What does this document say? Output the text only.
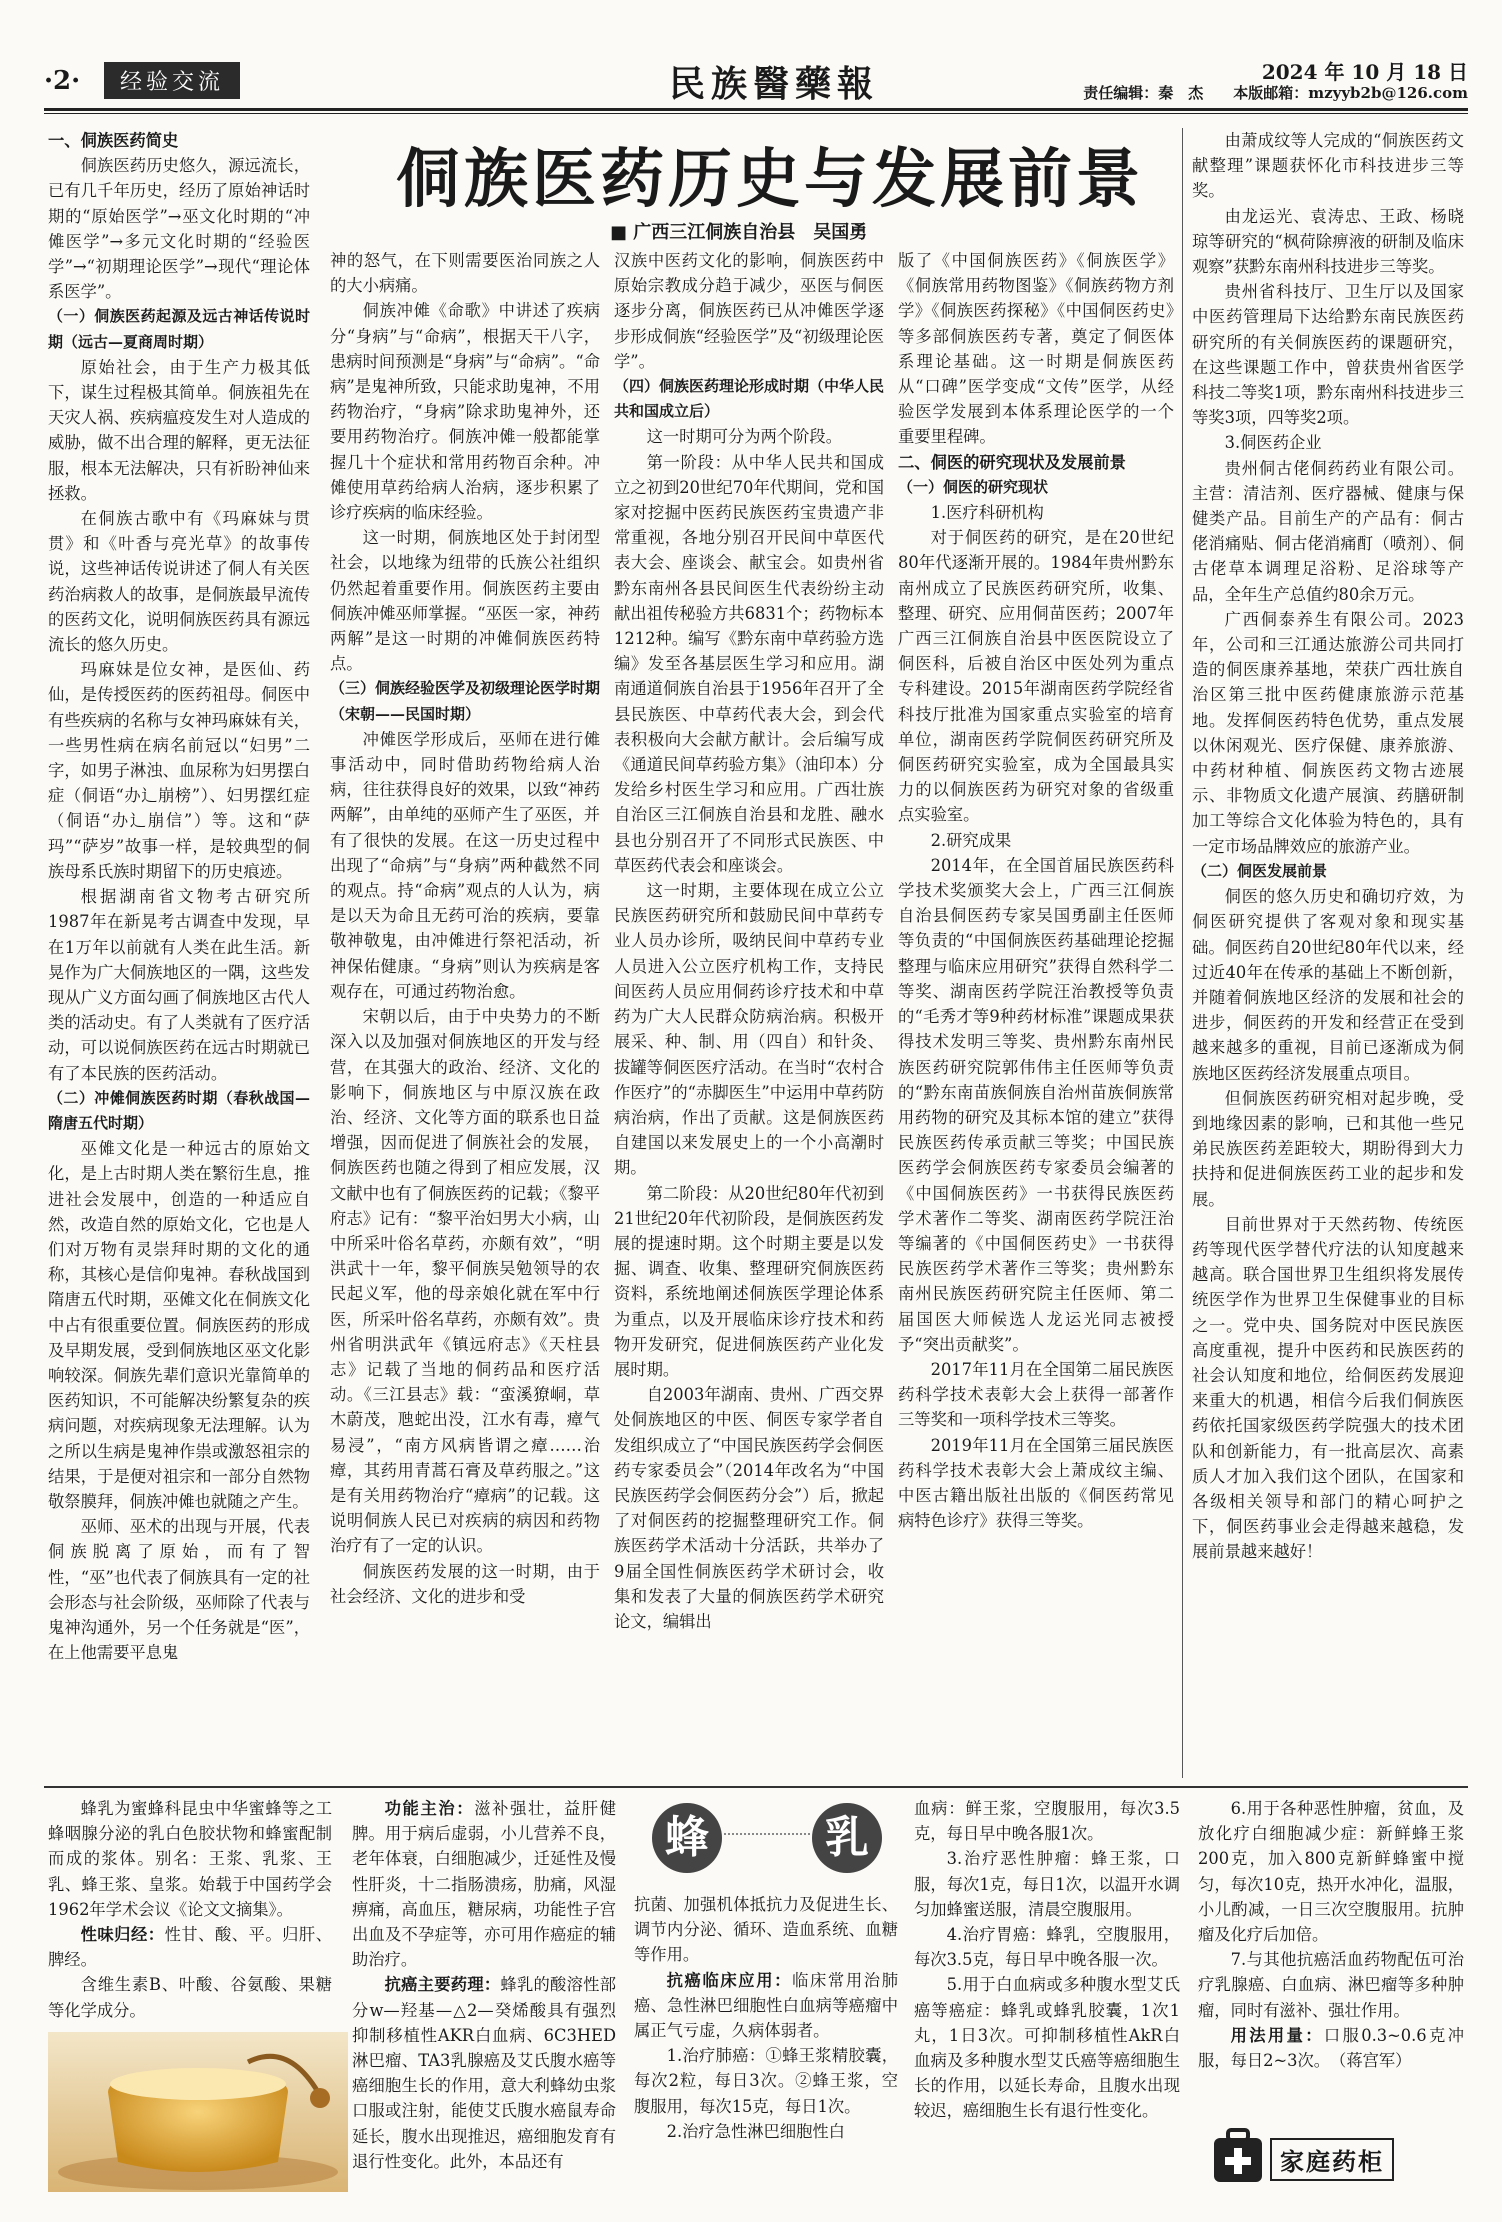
·2·	经验交流	民族醫藥報	2024 年 10 月 18 日
责任编辑：秦　杰　　本版邮箱：mzyyb2b@126.com
侗族医药历史与发展前景
■ 广西三江侗族自治县　吴国勇

一、侗族医药简史

侗族医药历史悠久，源远流长，已有几千年历史，经历了原始神话时期的“原始医学”→巫文化时期的“冲傩医学”→多元文化时期的“经验医学”→“初期理论医学”→现代“理论体系医学”。

（一）侗族医药起源及远古神话传说时期（远古—夏商周时期）

原始社会，由于生产力极其低下，谋生过程极其简单。侗族祖先在天灾人祸、疾病瘟疫发生对人造成的威胁，做不出合理的解释，更无法征服，根本无法解决，只有祈盼神仙来拯救。

在侗族古歌中有《玛麻妹与贯贯》和《叶香与亮光草》的故事传说，这些神话传说讲述了侗人有关医药治病救人的故事，是侗族最早流传的医药文化，说明侗族医药具有源远流长的悠久历史。

玛麻妹是位女神，是医仙、药仙，是传授医药的医药祖母。侗医中有些疾病的名称与女神玛麻妹有关，一些男性病在病名前冠以“妇男”二字，如男子淋浊、血尿称为妇男摆白症（侗语“办辶崩榜”）、妇男摆红症（侗语“办辶崩信”）等。这和“萨玛”“萨岁”故事一样，是较典型的侗族母系氏族时期留下的历史痕迹。

根据湖南省文物考古研究所1987年在新晃考古调查中发现，早在1万年以前就有人类在此生活。新晃作为广大侗族地区的一隅，这些发现从广义方面勾画了侗族地区古代人类的活动史。有了人类就有了医疗活动，可以说侗族医药在远古时期就已有了本民族的医药活动。

（二）冲傩侗族医药时期（春秋战国—隋唐五代时期）

巫傩文化是一种远古的原始文化，是上古时期人类在繁衍生息，推进社会发展中，创造的一种适应自然，改造自然的原始文化，它也是人们对万物有灵崇拜时期的文化的通称，其核心是信仰鬼神。春秋战国到隋唐五代时期，巫傩文化在侗族文化中占有很重要位置。侗族医药的形成及早期发展，受到侗族地区巫文化影响较深。侗族先辈们意识光靠简单的医药知识，不可能解决纷繁复杂的疾病问题，对疾病现象无法理解。认为之所以生病是鬼神作祟或激怒祖宗的结果，于是便对祖宗和一部分自然物敬祭膜拜，侗族冲傩也就随之产生。

巫师、巫术的出现与开展，代表侗族脱离了原始，而有了智性，“巫”也代表了侗族具有一定的社会形态与社会阶级，巫师除了代表与鬼神沟通外，另一个任务就是“医”，在上他需要平息鬼

神的怒气，在下则需要医治同族之人的大小病痛。

侗族冲傩《命歌》中讲述了疾病分“身病”与“命病”，根据天干八字，患病时间预测是“身病”与“命病”。“命病”是鬼神所致，只能求助鬼神，不用药物治疗，“身病”除求助鬼神外，还要用药物治疗。侗族冲傩一般都能掌握几十个症状和常用药物百余种。冲傩使用草药给病人治病，逐步积累了诊疗疾病的临床经验。

这一时期，侗族地区处于封闭型社会，以地缘为纽带的氏族公社组织仍然起着重要作用。侗族医药主要由侗族冲傩巫师掌握。“巫医一家，神药两解”是这一时期的冲傩侗族医药特点。

（三）侗族经验医学及初级理论医学时期（宋朝——民国时期）

冲傩医学形成后，巫师在进行傩事活动中，同时借助药物给病人治病，往往获得良好的效果，以致“神药两解”，由单纯的巫师产生了巫医，并有了很快的发展。在这一历史过程中出现了“命病”与“身病”两种截然不同的观点。持“命病”观点的人认为，病是以天为命且无药可治的疾病，要靠敬神敬鬼，由冲傩进行祭祀活动，祈神保佑健康。“身病”则认为疾病是客观存在，可通过药物治愈。

宋朝以后，由于中央势力的不断深入以及加强对侗族地区的开发与经营，在其强大的政治、经济、文化的影响下，侗族地区与中原汉族在政治、经济、文化等方面的联系也日益增强，因而促进了侗族社会的发展，侗族医药也随之得到了相应发展，汉文献中也有了侗族医药的记载；《黎平府志》记有：“黎平治妇男大小病，山中所采叶俗名草药，亦颇有效”，“明洪武十一年，黎平侗族吴勉领导的农民起义军，他的母亲娘化就在军中行医，所采叶俗名草药，亦颇有效”。贵州省明洪武年《镇远府志》《天柱县志》记载了当地的侗药品和医疗活动。《三江县志》载：“蛮溪獠峒，草木蔚茂，虺蛇出没，江水有毒，瘴气易浸”，“南方风病皆谓之瘴……治瘴，其药用青蒿石膏及草药服之。”这是有关用药物治疗“瘴病”的记载。这说明侗族人民已对疾病的病因和药物治疗有了一定的认识。

侗族医药发展的这一时期，由于社会经济、文化的进步和受

汉族中医药文化的影响，侗族医药中原始宗教成分趋于减少，巫医与侗医逐步分离，侗族医药已从冲傩医学逐步形成侗族“经验医学”及“初级理论医学”。

（四）侗族医药理论形成时期（中华人民共和国成立后）

这一时期可分为两个阶段。

第一阶段：从中华人民共和国成立之初到20世纪70年代期间，党和国家对挖掘中医药民族医药宝贵遗产非常重视，各地分别召开民间中草医代表大会、座谈会、献宝会。如贵州省黔东南州各县民间医生代表纷纷主动献出祖传秘验方共6831个；药物标本1212种。编写《黔东南中草药验方选编》发至各基层医生学习和应用。湖南通道侗族自治县于1956年召开了全县民族医、中草药代表大会，到会代表积极向大会献方献计。会后编写成《通道民间草药验方集》（油印本）分发给乡村医生学习和应用。广西壮族自治区三江侗族自治县和龙胜、融水县也分别召开了不同形式民族医、中草医药代表会和座谈会。

这一时期，主要体现在成立公立民族医药研究所和鼓励民间中草药专业人员办诊所，吸纳民间中草药专业人员进入公立医疗机构工作，支持民间医药人员应用侗药诊疗技术和中草药为广大人民群众防病治病。积极开展采、种、制、用（四自）和针灸、拔罐等侗医医疗活动。在当时“农村合作医疗”的“赤脚医生”中运用中草药防病治病，作出了贡献。这是侗族医药自建国以来发展史上的一个小高潮时期。

第二阶段：从20世纪80年代初到21世纪20年代初阶段，是侗族医药发展的提速时期。这个时期主要是以发掘、调查、收集、整理研究侗族医药资料，系统地阐述侗族医学理论体系为重点，以及开展临床诊疗技术和药物开发研究，促进侗族医药产业化发展时期。

自2003年湖南、贵州、广西交界处侗族地区的中医、侗医专家学者自发组织成立了“中国民族医药学会侗医药专家委员会”（2014年改名为“中国民族医药学会侗医药分会”）后，掀起了对侗医药的挖掘整理研究工作。侗族医药学术活动十分活跃，共举办了9届全国性侗族医药学术研讨会，收集和发表了大量的侗族医药学术研究论文，编辑出

版了《中国侗族医药》《侗族医学》《侗族常用药物图鉴》《侗族药物方剂学》《侗族医药探秘》《中国侗医药史》等多部侗族医药专著，奠定了侗医体系理论基础。这一时期是侗族医药从“口碑”医学变成“文传”医学，从经验医学发展到本体系理论医学的一个重要里程碑。

二、侗医的研究现状及发展前景

（一）侗医的研究现状

1.医疗科研机构

对于侗医药的研究，是在20世纪80年代逐渐开展的。1984年贵州黔东南州成立了民族医药研究所，收集、整理、研究、应用侗苗医药；2007年广西三江侗族自治县中医医院设立了侗医科，后被自治区中医处列为重点专科建设。2015年湖南医药学院经省科技厅批准为国家重点实验室的培育单位，湖南医药学院侗医药研究所及侗医药研究实验室，成为全国最具实力的以侗族医药为研究对象的省级重点实验室。

2.研究成果

2014年，在全国首届民族医药科学技术奖颁奖大会上，广西三江侗族自治县侗医药专家吴国勇副主任医师等负责的“中国侗族医药基础理论挖掘整理与临床应用研究”获得自然科学二等奖、湖南医药学院汪治教授等负责的“毛秀才等9种药材标准”课题成果获得技术发明三等奖、贵州黔东南州民族医药研究院郭伟伟主任医师等负责的“黔东南苗族侗族自治州苗族侗族常用药物的研究及其标本馆的建立”获得民族医药传承贡献三等奖；中国民族医药学会侗族医药专家委员会编著的《中国侗族医药》一书获得民族医药学术著作二等奖、湖南医药学院汪治等编著的《中国侗医药史》一书获得民族医药学术著作三等奖；贵州黔东南州民族医药研究院主任医师、第二届国医大师候选人龙运光同志被授予“突出贡献奖”。

2017年11月在全国第二届民族医药科学技术表彰大会上获得一部著作三等奖和一项科学技术三等奖。

2019年11月在全国第三届民族医药科学技术表彰大会上萧成纹主编、中医古籍出版社出版的《侗医药常见病特色诊疗》获得三等奖。

由萧成纹等人完成的“侗族医药文献整理”课题获怀化市科技进步三等奖。

由龙运光、袁涛忠、王政、杨晓琼等研究的“枫荷除痹液的研制及临床观察”获黔东南州科技进步三等奖。

贵州省科技厅、卫生厅以及国家中医药管理局下达给黔东南民族医药研究所的有关侗族医药的课题研究，在这些课题工作中，曾获贵州省医学科技二等奖1项，黔东南州科技进步三等奖3项，四等奖2项。

3.侗医药企业

贵州侗古佬侗药药业有限公司。主营：清洁剂、医疗器械、健康与保健类产品。目前生产的产品有：侗古佬消痛贴、侗古佬消痛酊（喷剂）、侗古佬草本调理足浴粉、足浴球等产品，全年生产总值约80余万元。

广西侗泰养生有限公司。2023年，公司和三江通达旅游公司共同打造的侗医康养基地，荣获广西壮族自治区第三批中医药健康旅游示范基地。发挥侗医药特色优势，重点发展以休闲观光、医疗保健、康养旅游、中药材种植、侗族医药文物古迹展示、非物质文化遗产展演、药膳研制加工等综合文化体验为特色的，具有一定市场品牌效应的旅游产业。

（二）侗医发展前景

侗医的悠久历史和确切疗效，为侗医研究提供了客观对象和现实基础。侗医药自20世纪80年代以来，经过近40年在传承的基础上不断创新，并随着侗族地区经济的发展和社会的进步，侗医药的开发和经营正在受到越来越多的重视，目前已逐渐成为侗族地区医药经济发展重点项目。

但侗族医药研究相对起步晚，受到地缘因素的影响，已和其他一些兄弟民族医药差距较大，期盼得到大力扶持和促进侗族医药工业的起步和发展。

目前世界对于天然药物、传统医药等现代医学替代疗法的认知度越来越高。联合国世界卫生组织将发展传统医学作为世界卫生保健事业的目标之一。党中央、国务院对中医民族医高度重视，提升中医药和民族医药的社会认知度和地位，给侗医药发展迎来重大的机遇，相信今后我们侗族医药依托国家级医药学院强大的技术团队和创新能力，有一批高层次、高素质人才加入我们这个团队，在国家和各级相关领导和部门的精心呵护之下，侗医药事业会走得越来越稳，发展前景越来越好！

蜂	乳

蜂乳为蜜蜂科昆虫中华蜜蜂等之工蜂咽腺分泌的乳白色胶状物和蜂蜜配制而成的浆体。别名：王浆、乳浆、王乳、蜂王浆、皇浆。始载于中国药学会1962年学术会议《论文文摘集》。

性味归经：性甘、酸、平。归肝、脾经。

含维生素B、叶酸、谷氨酸、果糖等化学成分。

功能主治：滋补强壮，益肝健脾。用于病后虚弱，小儿营养不良，老年体衰，白细胞减少，迁延性及慢性肝炎，十二指肠溃疡，肋痛，风湿痹痛，高血压，糖尿病，功能性子宫出血及不孕症等，亦可用作癌症的辅助治疗。

抗癌主要药理：蜂乳的酸溶性部分w—羟基—△2—癸烯酸具有强烈抑制移植性AKR白血病、6C3HED淋巴瘤、TA3乳腺癌及艾氏腹水癌等癌细胞生长的作用，意大利蜂幼虫浆口服或注射，能使艾氏腹水癌鼠寿命延长，腹水出现推迟，癌细胞发育有退行性变化。此外，本品还有

抗菌、加强机体抵抗力及促进生长、调节内分泌、循环、造血系统、血糖等作用。

抗癌临床应用：临床常用治肺癌、急性淋巴细胞性白血病等癌瘤中属正气亏虚，久病体弱者。

1.治疗肺癌：①蜂王浆精胶囊，每次2粒，每日3次。②蜂王浆，空腹服用，每次15克，每日1次。

2.治疗急性淋巴细胞性白

血病：鲜王浆，空腹服用，每次3.5克，每日早中晚各服1次。

3.治疗恶性肿瘤：蜂王浆，口服，每次1克，每日1次，以温开水调匀加蜂蜜送服，清晨空腹服用。

4.治疗胃癌：蜂乳，空腹服用，每次3.5克，每日早中晚各服一次。

5.用于白血病或多种腹水型艾氏癌等癌症：蜂乳或蜂乳胶囊，1次1丸，1日3次。可抑制移植性AkR白血病及多种腹水型艾氏癌等癌细胞生长的作用，以延长寿命，且腹水出现较迟，癌细胞生长有退行性变化。

6.用于各种恶性肿瘤，贫血，及放化疗白细胞减少症：新鲜蜂王浆200克，加入800克新鲜蜂蜜中搅匀，每次10克，热开水冲化，温服，小儿酌减，一日三次空腹服用。抗肿瘤及化疗后加倍。

7.与其他抗癌活血药物配伍可治疗乳腺癌、白血病、淋巴瘤等多种肿瘤，同时有滋补、强壮作用。

用法用量：口服0.3~0.6克冲服，每日2~3次。　（蒋宫军）

家庭药柜
